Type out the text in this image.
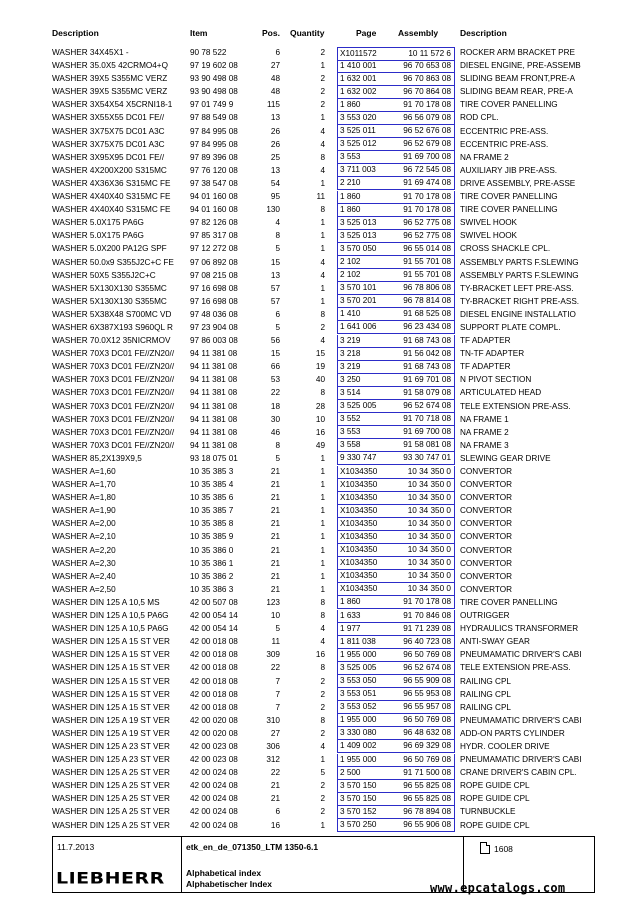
Description	Item	Pos. Quantity	Page	Assembly	Description
WASHER 34X45X1 -	90 78 522	6	2	X1011572	10 11 572 6	ROCKER ARM BRACKET PRE
WASHER 35.0X5 42CRMO4+Q	97 19 602 08	27	1	1 410 001	96 70 653 08	DIESEL ENGINE, PRE-ASSEMB
WASHER 39X5 S355MC VERZ	93 90 498 08	48	2	1 632 001	96 70 863 08	SLIDING BEAM FRONT,PRE-A
WASHER 39X5 S355MC VERZ	93 90 498 08	48	2	1 632 002	96 70 864 08	SLIDING BEAM REAR, PRE-A
WASHER 3X54X54 X5CRNI18-1	97 01 749 9	115	2	1 860	91 70 178 08	TIRE COVER PANELLING
WASHER 3X55X55 DC01 FE//	97 88 549 08	13	1	3 553 020	96 56 079 08	ROD CPL.
WASHER 3X75X75 DC01 A3C	97 84 995 08	26	4	3 525 011	96 52 676 08	ECCENTRIC PRE-ASS.
WASHER 3X75X75 DC01 A3C	97 84 995 08	26	4	3 525 012	96 52 679 08	ECCENTRIC PRE-ASS.
WASHER 3X95X95 DC01 FE//	97 89 396 08	25	8	3 553	91 69 700 08	NA FRAME 2
WASHER 4X200X200 S315MC	97 76 120 08	13	4	3 711 003	96 72 545 08	AUXILIARY JIB PRE-ASS.
WASHER 4X36X36 S315MC FE	97 38 547 08	54	1	2 210	91 69 474 08	DRIVE ASSEMBLY, PRE-ASSE
WASHER 4X40X40 S315MC FE	94 01 160 08	95	11	1 860	91 70 178 08	TIRE COVER PANELLING
WASHER 4X40X40 S315MC FE	94 01 160 08	130	8	1 860	91 70 178 08	TIRE COVER PANELLING
WASHER 5.0X175 PA6G	97 82 126 08	4	1	3 525 013	96 52 775 08	SWIVEL HOOK
WASHER 5.0X175 PA6G	97 85 317 08	8	1	3 525 013	96 52 775 08	SWIVEL HOOK
WASHER 5.0X200 PA12G SPF	97 12 272 08	5	1	3 570 050	96 55 014 08	CROSS SHACKLE CPL.
WASHER 50.0x9 S355J2C+C FE	97 06 892 08	15	4	2 102	91 55 701 08	ASSEMBLY PARTS F.SLEWING
WASHER 50X5 S355J2C+C	97 08 215 08	13	4	2 102	91 55 701 08	ASSEMBLY PARTS F.SLEWING
WASHER 5X130X130 S355MC	97 16 698 08	57	1	3 570 101	96 78 806 08	TY-BRACKET LEFT PRE-ASS.
WASHER 5X130X130 S355MC	97 16 698 08	57	1	3 570 201	96 78 814 08	TY-BRACKET RIGHT PRE-ASS.
WASHER 5X38X48 S700MC VD	97 48 036 08	6	8	1 410	91 68 525 08	DIESEL ENGINE INSTALLATIO
WASHER 6X387X193 S960QL R	97 23 904 08	5	2	1 641 006	96 23 434 08	SUPPORT PLATE COMPL.
WASHER 70.0X12 35NICRMOV	97 86 003 08	56	4	3 219	91 68 743 08	TF ADAPTER
WASHER 70X3 DC01 FE//ZN20//	94 11 381 08	15	15	3 218	91 56 042 08	TN-TF ADAPTER
WASHER 70X3 DC01 FE//ZN20//	94 11 381 08	66	19	3 219	91 68 743 08	TF ADAPTER
WASHER 70X3 DC01 FE//ZN20//	94 11 381 08	53	40	3 250	91 69 701 08	N PIVOT SECTION
WASHER 70X3 DC01 FE//ZN20//	94 11 381 08	22	8	3 514	91 58 079 08	ARTICULATED HEAD
WASHER 70X3 DC01 FE//ZN20//	94 11 381 08	18	28	3 525 005	96 52 674 08	TELE EXTENSION PRE-ASS.
WASHER 70X3 DC01 FE//ZN20//	94 11 381 08	30	10	3 552	91 70 718 08	NA FRAME 1
WASHER 70X3 DC01 FE//ZN20//	94 11 381 08	46	16	3 553	91 69 700 08	NA FRAME 2
WASHER 70X3 DC01 FE//ZN20//	94 11 381 08	8	49	3 558	91 58 081 08	NA FRAME 3
WASHER 85,2X139X9,5	93 18 075 01	5	1	9 330 747	93 30 747 01	SLEWING GEAR DRIVE
WASHER A=1,60	10 35 385 3	21	1	X1034350	10 34 350 0	CONVERTOR
WASHER A=1,70	10 35 385 4	21	1	X1034350	10 34 350 0	CONVERTOR
WASHER A=1,80	10 35 385 6	21	1	X1034350	10 34 350 0	CONVERTOR
WASHER A=1,90	10 35 385 7	21	1	X1034350	10 34 350 0	CONVERTOR
WASHER A=2,00	10 35 385 8	21	1	X1034350	10 34 350 0	CONVERTOR
WASHER A=2,10	10 35 385 9	21	1	X1034350	10 34 350 0	CONVERTOR
WASHER A=2,20	10 35 386 0	21	1	X1034350	10 34 350 0	CONVERTOR
WASHER A=2,30	10 35 386 1	21	1	X1034350	10 34 350 0	CONVERTOR
WASHER A=2,40	10 35 386 2	21	1	X1034350	10 34 350 0	CONVERTOR
WASHER A=2,50	10 35 386 3	21	1	X1034350	10 34 350 0	CONVERTOR
WASHER DIN 125 A 10,5 MS	42 00 507 08	123	8	1 860	91 70 178 08	TIRE COVER PANELLING
WASHER DIN 125 A 10,5 PA6G	42 00 054 14	10	8	1 633	91 70 846 08	OUTRIGGER
WASHER DIN 125 A 10,5 PA6G	42 00 054 14	5	4	1 977	91 71 239 08	HYDRAULICS TRANSFORMER
WASHER DIN 125 A 15 ST VER	42 00 018 08	11	4	1 811 038	96 40 723 08	ANTI-SWAY GEAR
WASHER DIN 125 A 15 ST VER	42 00 018 08	309	16	1 955 000	96 50 769 08	PNEUMAMATIC DRIVER'S CABI
WASHER DIN 125 A 15 ST VER	42 00 018 08	22	8	3 525 005	96 52 674 08	TELE EXTENSION PRE-ASS.
WASHER DIN 125 A 15 ST VER	42 00 018 08	7	2	3 553 050	96 55 909 08	RAILING CPL
WASHER DIN 125 A 15 ST VER	42 00 018 08	7	2	3 553 051	96 55 953 08	RAILING CPL
WASHER DIN 125 A 15 ST VER	42 00 018 08	7	2	3 553 052	96 55 957 08	RAILING CPL
WASHER DIN 125 A 19 ST VER	42 00 020 08	310	8	1 955 000	96 50 769 08	PNEUMAMATIC DRIVER'S CABI
WASHER DIN 125 A 19 ST VER	42 00 020 08	27	2	3 330 080	96 48 632 08	ADD-ON PARTS CYLINDER
WASHER DIN 125 A 23 ST VER	42 00 023 08	306	4	1 409 002	96 69 329 08	HYDR. COOLER DRIVE
WASHER DIN 125 A 23 ST VER	42 00 023 08	312	1	1 955 000	96 50 769 08	PNEUMAMATIC DRIVER'S CABI
WASHER DIN 125 A 25 ST VER	42 00 024 08	22	5	2 500	91 71 500 08	CRANE DRIVER'S CABIN CPL.
WASHER DIN 125 A 25 ST VER	42 00 024 08	21	2	3 570 150	96 55 825 08	ROPE GUIDE CPL
WASHER DIN 125 A 25 ST VER	42 00 024 08	21	2	3 570 150	96 55 825 08	ROPE GUIDE CPL
WASHER DIN 125 A 25 ST VER	42 00 024 08	6	2	3 570 152	96 78 894 08	TURNBUCKLE
WASHER DIN 125 A 25 ST VER	42 00 024 08	16	1	3 570 250	96 55 906 08	ROPE GUIDE CPL
11.7.2013	etk_en_de_071350_LTM 1350-6.1
Alphabetical index
Alphabetischer Index
1608
LIEBHERR
www.epcatalogs.com
